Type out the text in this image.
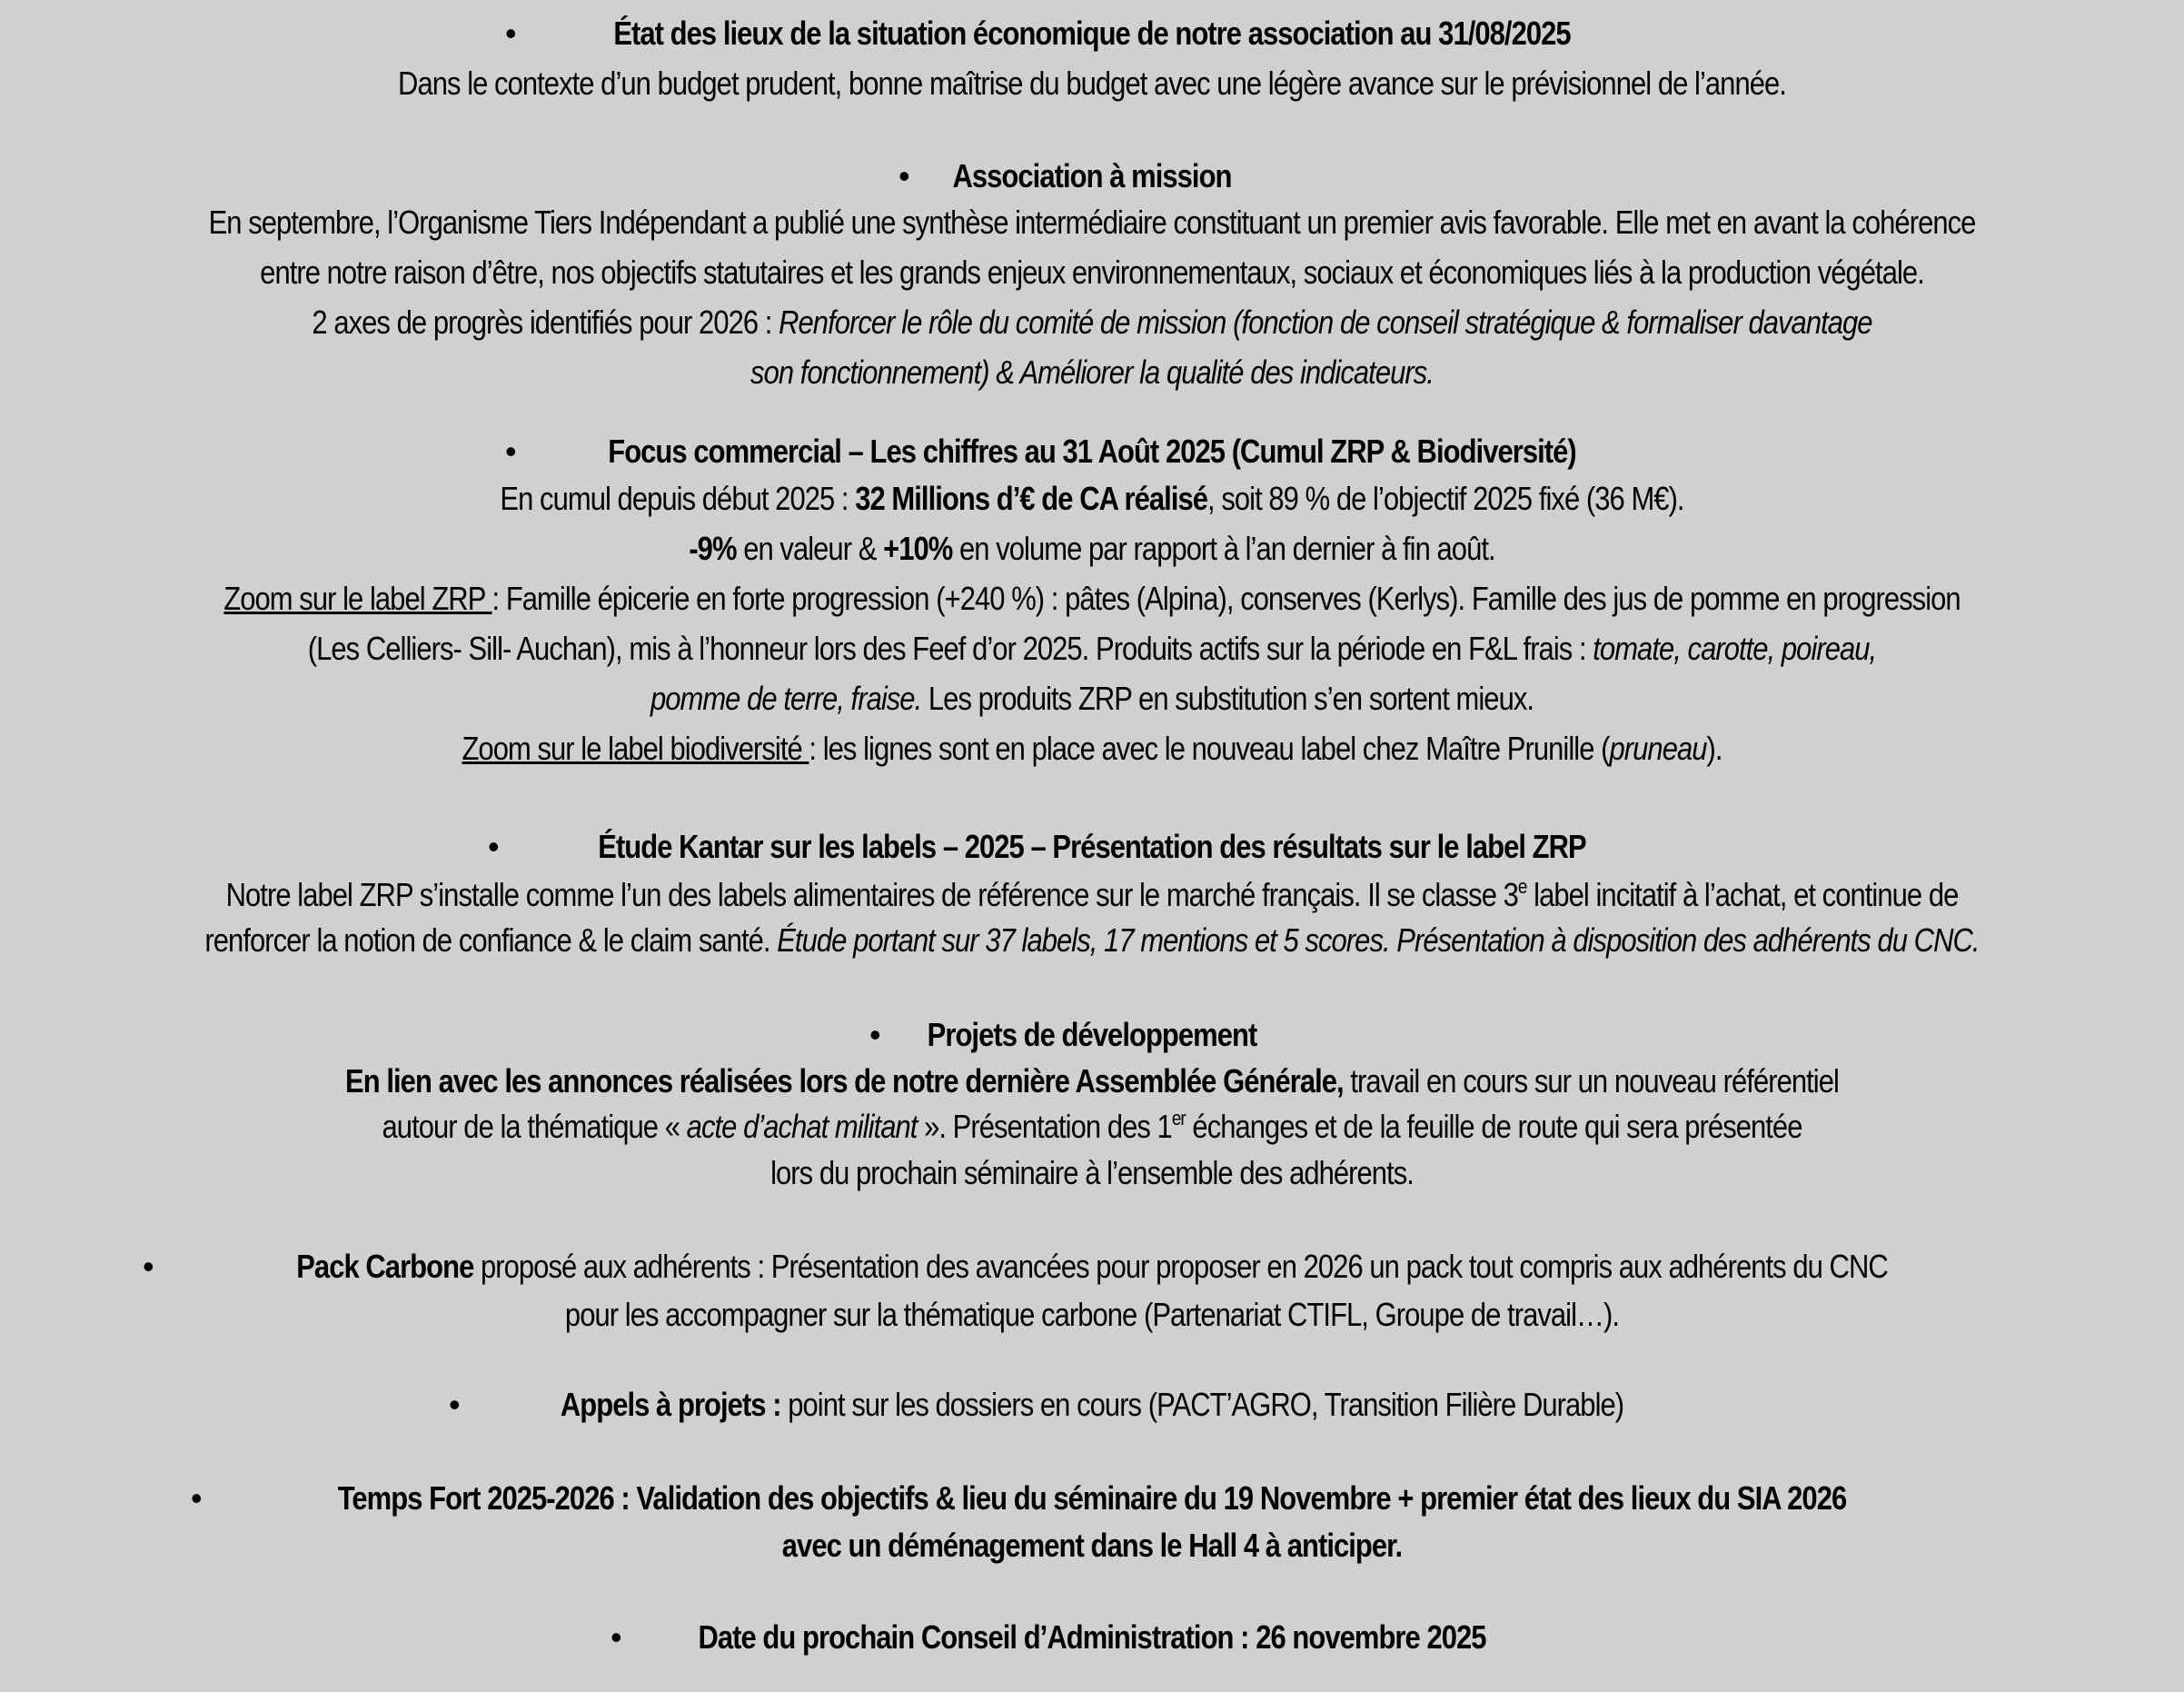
•	État des lieux de la situation économique de notre association au 31/08/2025
Dans le contexte d’un budget prudent, bonne maîtrise du budget avec une légère avance sur le prévisionnel de l’année.
•	Association à mission
En septembre, l’Organisme Tiers Indépendant a publié une synthèse intermédiaire constituant un premier avis favorable. Elle met en avant la cohérence
entre notre raison d’être, nos objectifs statutaires et les grands enjeux environnementaux, sociaux et économiques liés à la production végétale.
2 axes de progrès identifiés pour 2026 : Renforcer le rôle du comité de mission (fonction de conseil stratégique & formaliser davantage
son fonctionnement) & Améliorer la qualité des indicateurs.
•	Focus commercial – Les chiffres au 31 Août 2025 (Cumul ZRP & Biodiversité)
En cumul depuis début 2025 : 32 Millions d’€ de CA réalisé, soit 89 % de l’objectif 2025 fixé (36 M€).
-9% en valeur & +10% en volume par rapport à l’an dernier à fin août.
Zoom sur le label ZRP : Famille épicerie en forte progression (+240 %) : pâtes (Alpina), conserves (Kerlys). Famille des jus de pomme en progression
(Les Celliers- Sill- Auchan), mis à l’honneur lors des Feef d’or 2025. Produits actifs sur la période en F&L frais : tomate, carotte, poireau,
pomme de terre, fraise. Les produits ZRP en substitution s’en sortent mieux.
Zoom sur le label biodiversité : les lignes sont en place avec le nouveau label chez Maître Prunille (pruneau).
•	Étude Kantar sur les labels – 2025 – Présentation des résultats sur le label ZRP
Notre label ZRP s’installe comme l’un des labels alimentaires de référence sur le marché français. Il se classe 3e label incitatif à l’achat, et continue de
renforcer la notion de confiance & le claim santé. Étude portant sur 37 labels, 17 mentions et 5 scores. Présentation à disposition des adhérents du CNC.
•	Projets de développement
En lien avec les annonces réalisées lors de notre dernière Assemblée Générale, travail en cours sur un nouveau référentiel
autour de la thématique « acte d’achat militant ». Présentation des 1er échanges et de la feuille de route qui sera présentée
lors du prochain séminaire à l’ensemble des adhérents.
•	Pack Carbone proposé aux adhérents : Présentation des avancées pour proposer en 2026 un pack tout compris aux adhérents du CNC
pour les accompagner sur la thématique carbone (Partenariat CTIFL, Groupe de travail…).
•	Appels à projets : point sur les dossiers en cours (PACT’AGRO, Transition Filière Durable)
•	Temps Fort 2025-2026 : Validation des objectifs & lieu du séminaire du 19 Novembre + premier état des lieux du SIA 2026
avec un déménagement dans le Hall 4 à anticiper.
•	Date du prochain Conseil d’Administration : 26 novembre 2025
